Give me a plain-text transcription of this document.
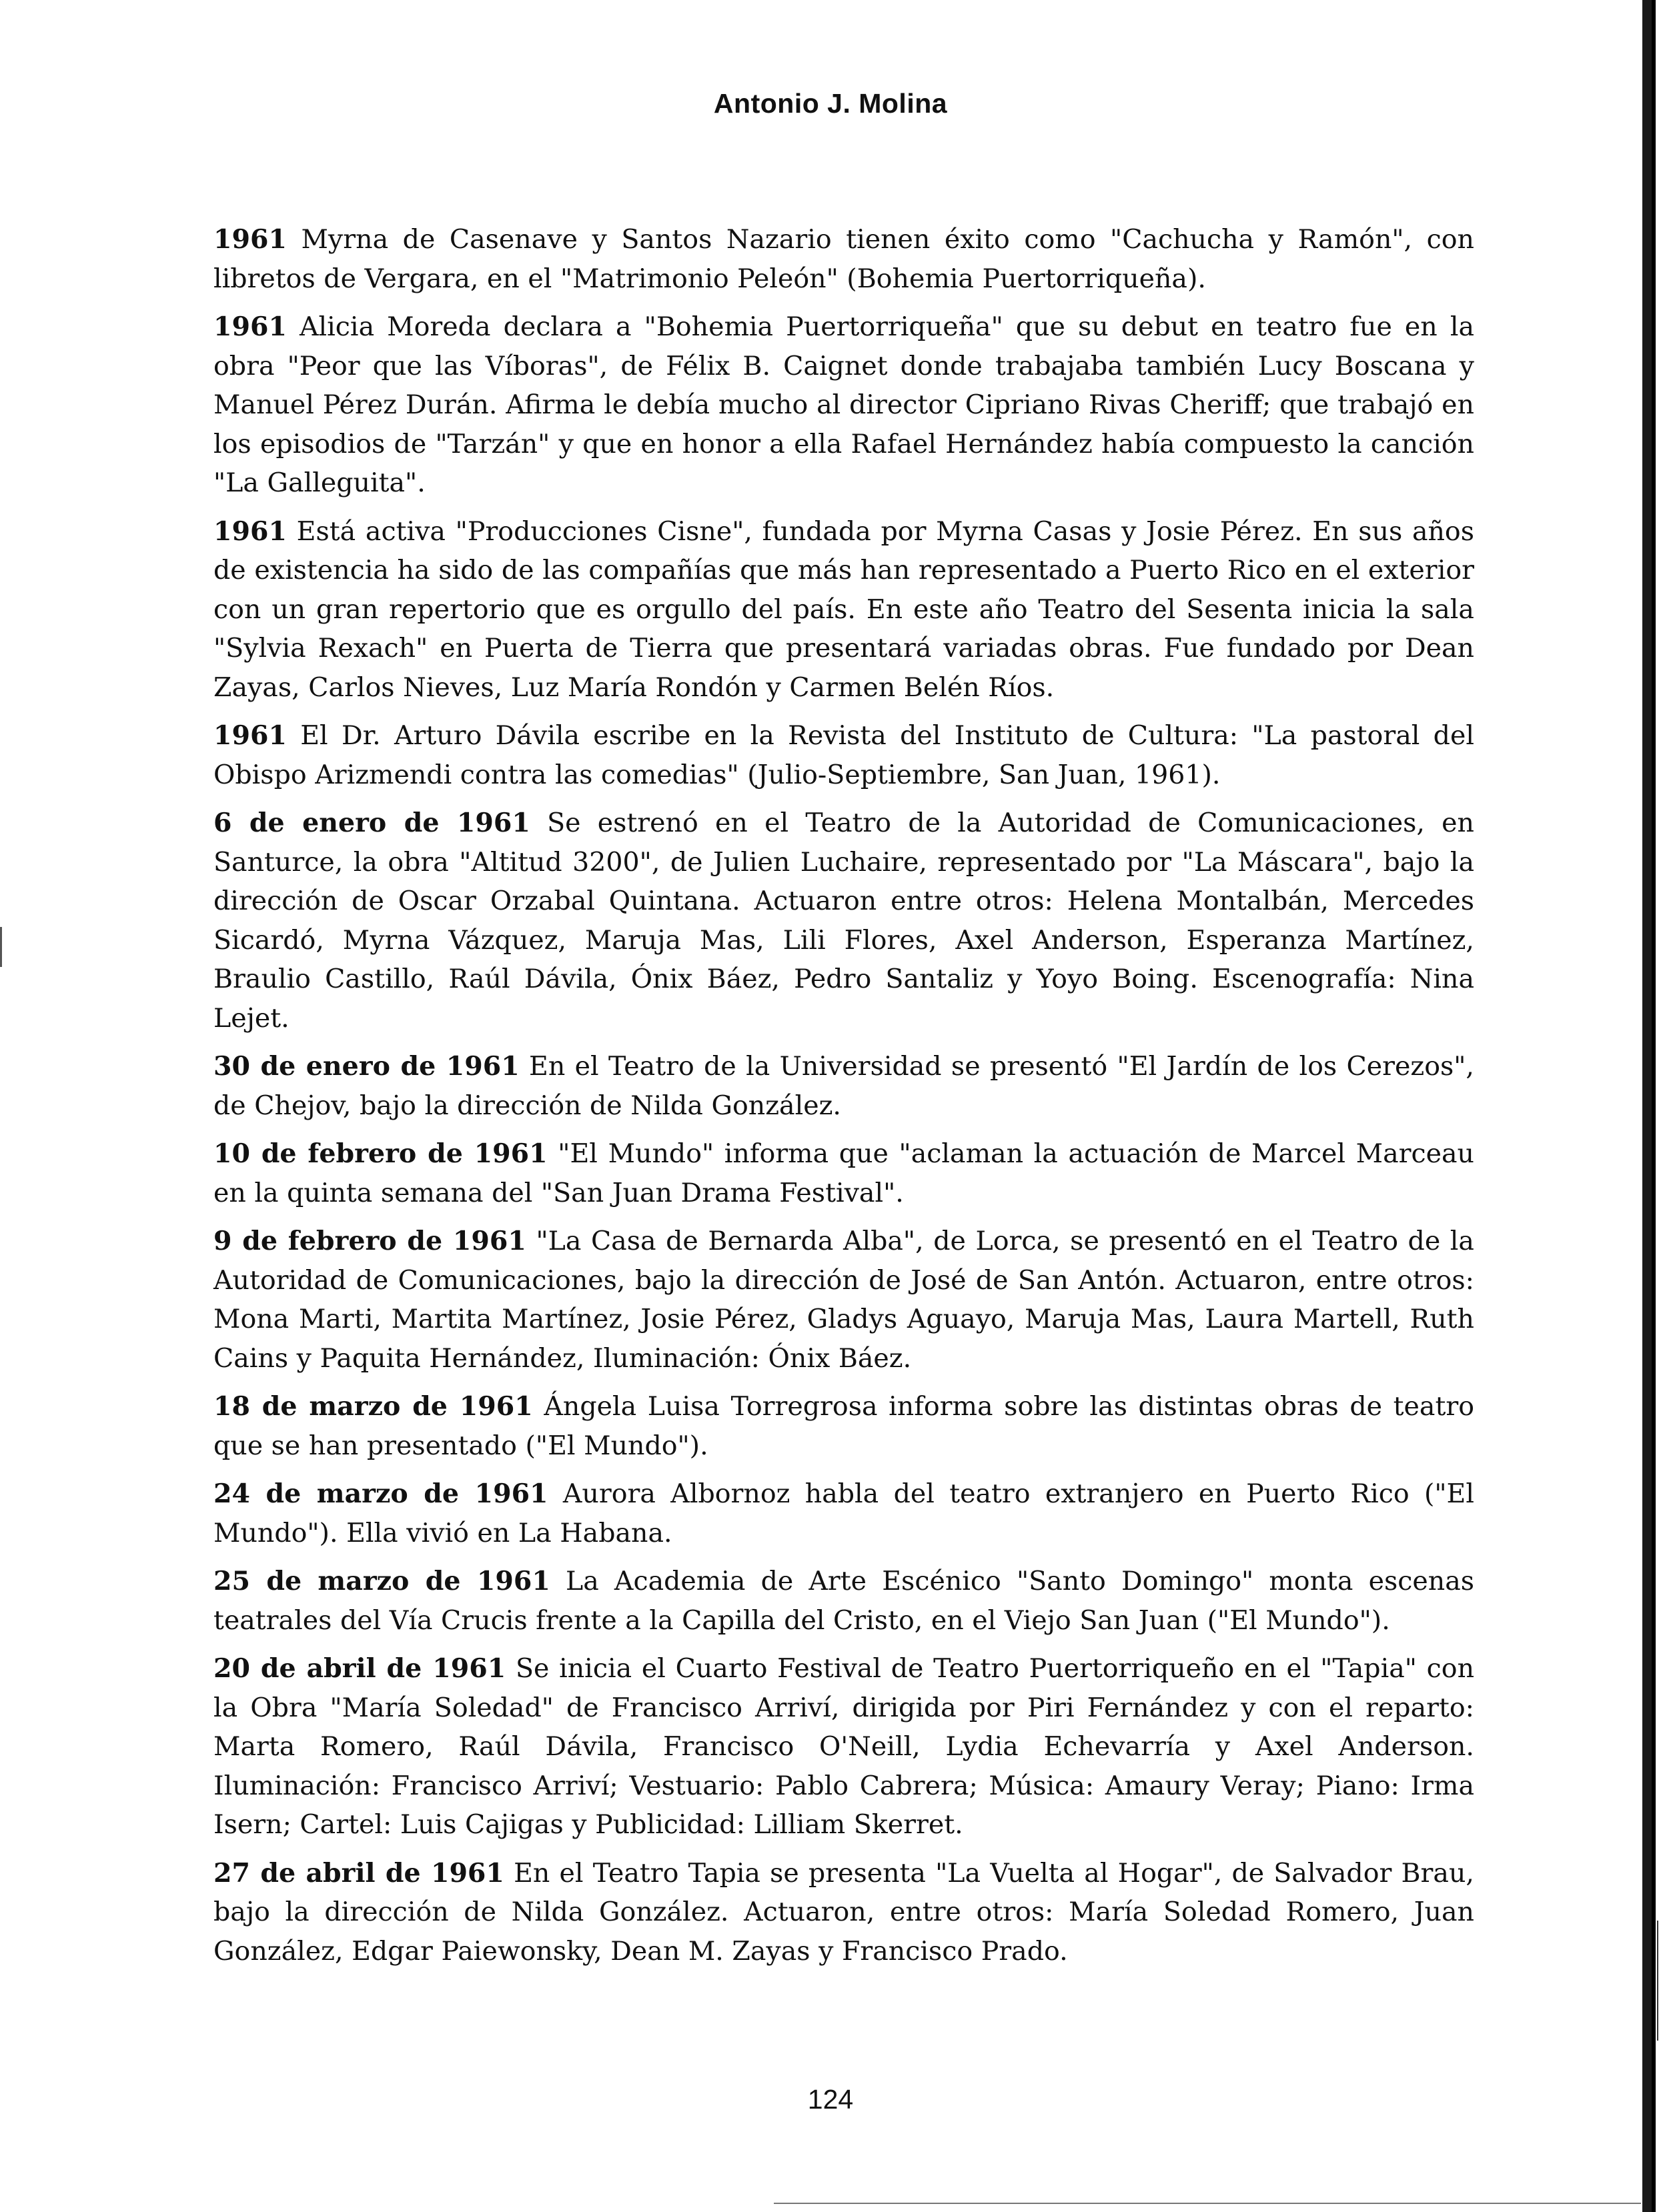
Antonio J. Molina

1961 Myrna de Casenave y Santos Nazario tienen éxito como "Cachucha y Ramón", con libretos de Vergara, en el "Matrimonio Peleón" (Bohemia Puertorriqueña).

1961 Alicia Moreda declara a "Bohemia Puertorriqueña" que su debut en teatro fue en la obra "Peor que las Víboras", de Félix B. Caignet donde trabajaba también Lucy Boscana y Manuel Pérez Durán. Afirma le debía mucho al director Cipriano Rivas Cheriff; que trabajó en los episodios de "Tarzán" y que en honor a ella Rafael Hernández había compuesto la canción "La Galleguita".

1961 Está activa "Producciones Cisne", fundada por Myrna Casas y Josie Pérez. En sus años de existencia ha sido de las compañías que más han representado a Puerto Rico en el exterior con un gran repertorio que es orgullo del país. En este año Teatro del Sesenta inicia la sala "Sylvia Rexach" en Puerta de Tierra que presentará variadas obras. Fue fundado por Dean Zayas, Carlos Nieves, Luz María Rondón y Carmen Belén Ríos.

1961 El Dr. Arturo Dávila escribe en la Revista del Instituto de Cultura: "La pastoral del Obispo Arizmendi contra las comedias" (Julio-Septiembre, San Juan, 1961).

6 de enero de 1961 Se estrenó en el Teatro de la Autoridad de Comunicaciones, en Santurce, la obra "Altitud 3200", de Julien Luchaire, representado por "La Máscara", bajo la dirección de Oscar Orzabal Quintana. Actuaron entre otros: Helena Montalbán, Mercedes Sicardó, Myrna Vázquez, Maruja Mas, Lili Flores, Axel Anderson, Esperanza Martínez, Braulio Castillo, Raúl Dávila, Ónix Báez, Pedro Santaliz y Yoyo Boing. Escenografía: Nina Lejet.

30 de enero de 1961 En el Teatro de la Universidad se presentó "El Jardín de los Cerezos", de Chejov, bajo la dirección de Nilda González.

10 de febrero de 1961 "El Mundo" informa que "aclaman la actuación de Marcel Marceau en la quinta semana del "San Juan Drama Festival".

9 de febrero de 1961 "La Casa de Bernarda Alba", de Lorca, se presentó en el Teatro de la Autoridad de Comunicaciones, bajo la dirección de José de San Antón. Actuaron, entre otros: Mona Marti, Martita Martínez, Josie Pérez, Gladys Aguayo, Maruja Mas, Laura Martell, Ruth Cains y Paquita Hernández, Iluminación: Ónix Báez.

18 de marzo de 1961 Ángela Luisa Torregrosa informa sobre las distintas obras de teatro que se han presentado ("El Mundo").

24 de marzo de 1961 Aurora Albornoz habla del teatro extranjero en Puerto Rico ("El Mundo"). Ella vivió en La Habana.

25 de marzo de 1961 La Academia de Arte Escénico "Santo Domingo" monta escenas teatrales del Vía Crucis frente a la Capilla del Cristo, en el Viejo San Juan ("El Mundo").

20 de abril de 1961 Se inicia el Cuarto Festival de Teatro Puertorriqueño en el "Tapia" con la Obra "María Soledad" de Francisco Arriví, dirigida por Piri Fernández y con el reparto: Marta Romero, Raúl Dávila, Francisco O'Neill, Lydia Echevarría y Axel Anderson. Iluminación: Francisco Arriví; Vestuario: Pablo Cabrera; Música: Amaury Veray; Piano: Irma Isern; Cartel: Luis Cajigas y Publicidad: Lilliam Skerret.

27 de abril de 1961 En el Teatro Tapia se presenta "La Vuelta al Hogar", de Salvador Brau, bajo la dirección de Nilda González. Actuaron, entre otros: María Soledad Romero, Juan González, Edgar Paiewonsky, Dean M. Zayas y Francisco Prado.

124
